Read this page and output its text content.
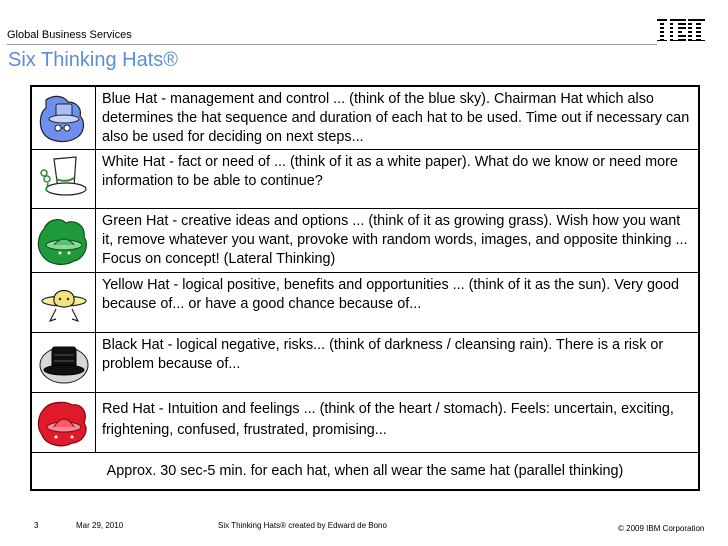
Global Business Services
Six Thinking Hats®
Blue Hat - management and control ... (think of the blue sky). Chairman Hat which also determines the hat sequence and duration of each hat to be used. Time out if necessary can also be used for deciding on next steps...
White Hat - fact or need of ... (think of it as a white paper). What do we know or need more information to be able to continue?
Green Hat - creative ideas and options ... (think of it as growing grass). Wish how you want it, remove whatever you want, provoke with random words, images, and opposite thinking ... Focus on concept! (Lateral Thinking)
Yellow Hat - logical positive, benefits and opportunities ... (think of it as the sun). Very good because of... or have a good chance because of...
Black Hat - logical negative, risks... (think of darkness / cleansing rain). There is a risk or problem because of...
Red Hat - Intuition and feelings ... (think of the heart / stomach). Feels: uncertain, exciting, frightening, confused, frustrated, promising...
Approx. 30 sec-5 min. for each hat, when all wear the same hat (parallel thinking)
3	Mar 29, 2010	Six Thinking Hats® created by Edward de Bono	© 2009 IBM Corporation
